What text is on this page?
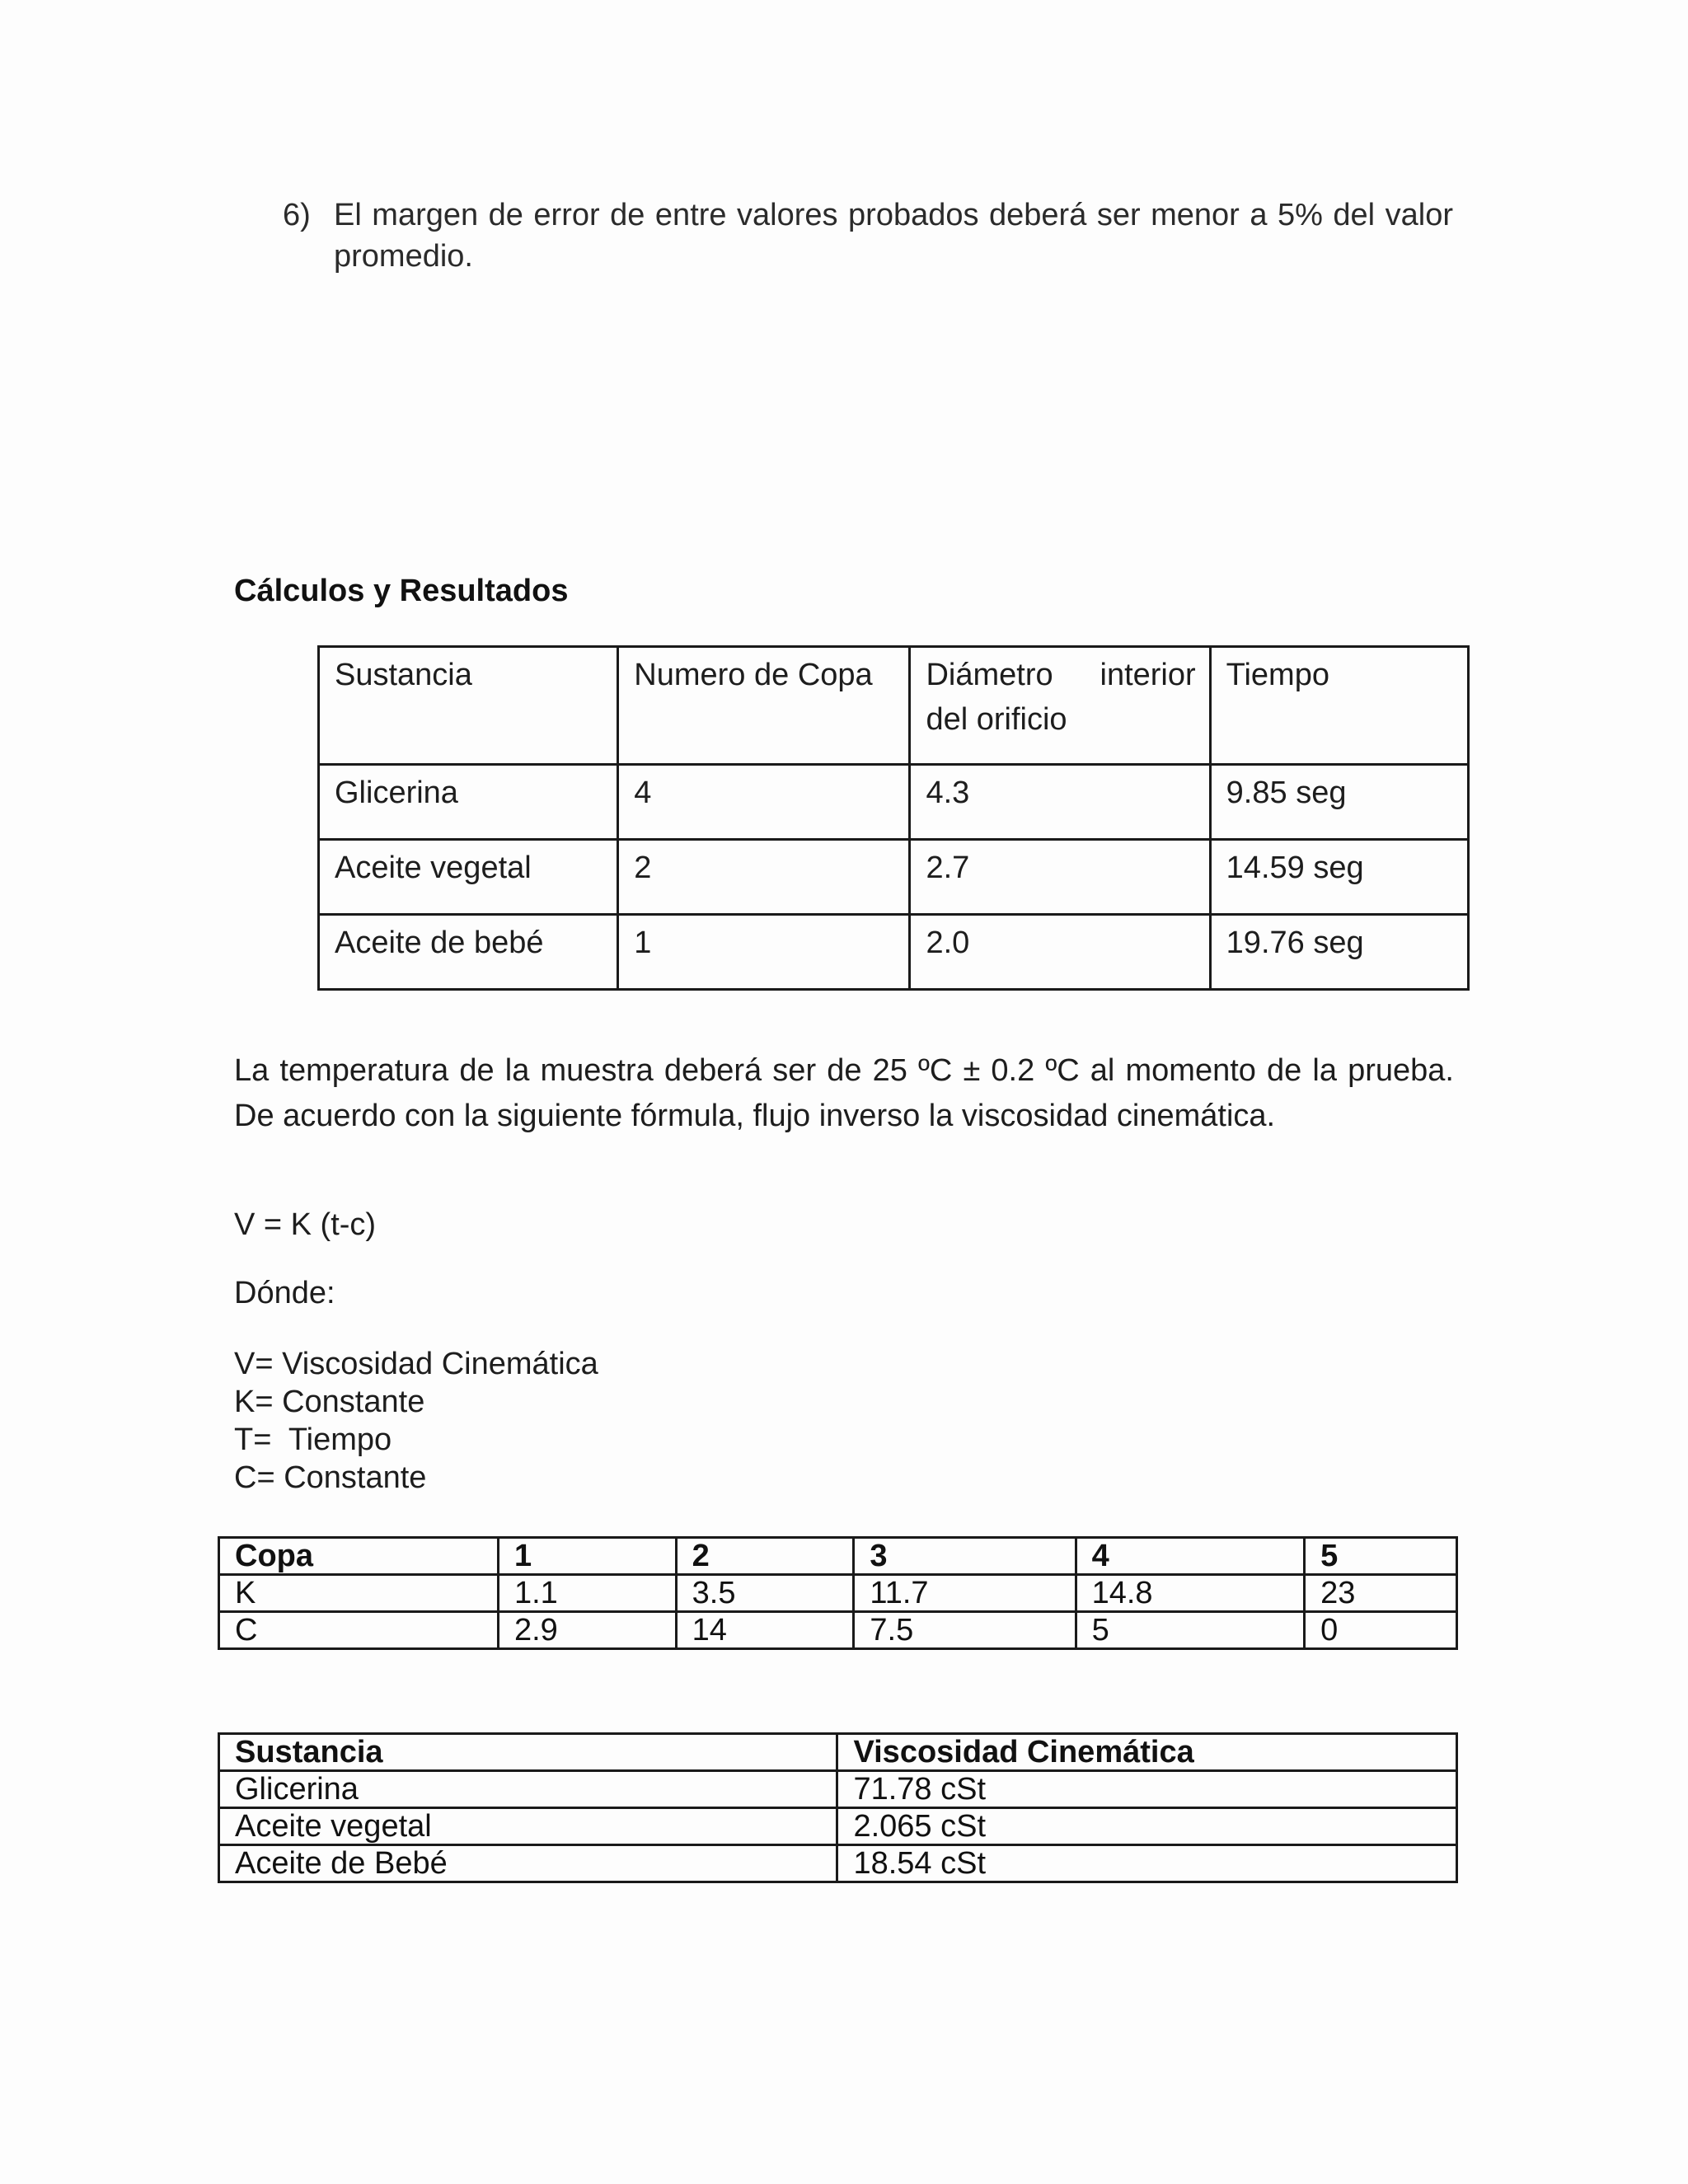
6) El margen de error de entre valores probados deberá ser menor a 5% del valor promedio.
Cálculos y Resultados
Sustancia	Numero de Copa	Diámetro interior del orificio	Tiempo
Glicerina	4	4.3	9.85 seg
Aceite vegetal	2	2.7	14.59 seg
Aceite de bebé	1	2.0	19.76 seg
La temperatura de la muestra deberá ser de 25 ºC ± 0.2 ºC al momento de la prueba. De acuerdo con la siguiente fórmula, flujo inverso la viscosidad cinemática.
V = K (t-c)
Dónde:
V= Viscosidad Cinemática
K= Constante
T=  Tiempo
C= Constante
Copa	1	2	3	4	5
K	1.1	3.5	11.7	14.8	23
C	2.9	14	7.5	5	0
Sustancia	Viscosidad Cinemática
Glicerina	71.78 cSt
Aceite vegetal	2.065 cSt
Aceite de Bebé	18.54 cSt
